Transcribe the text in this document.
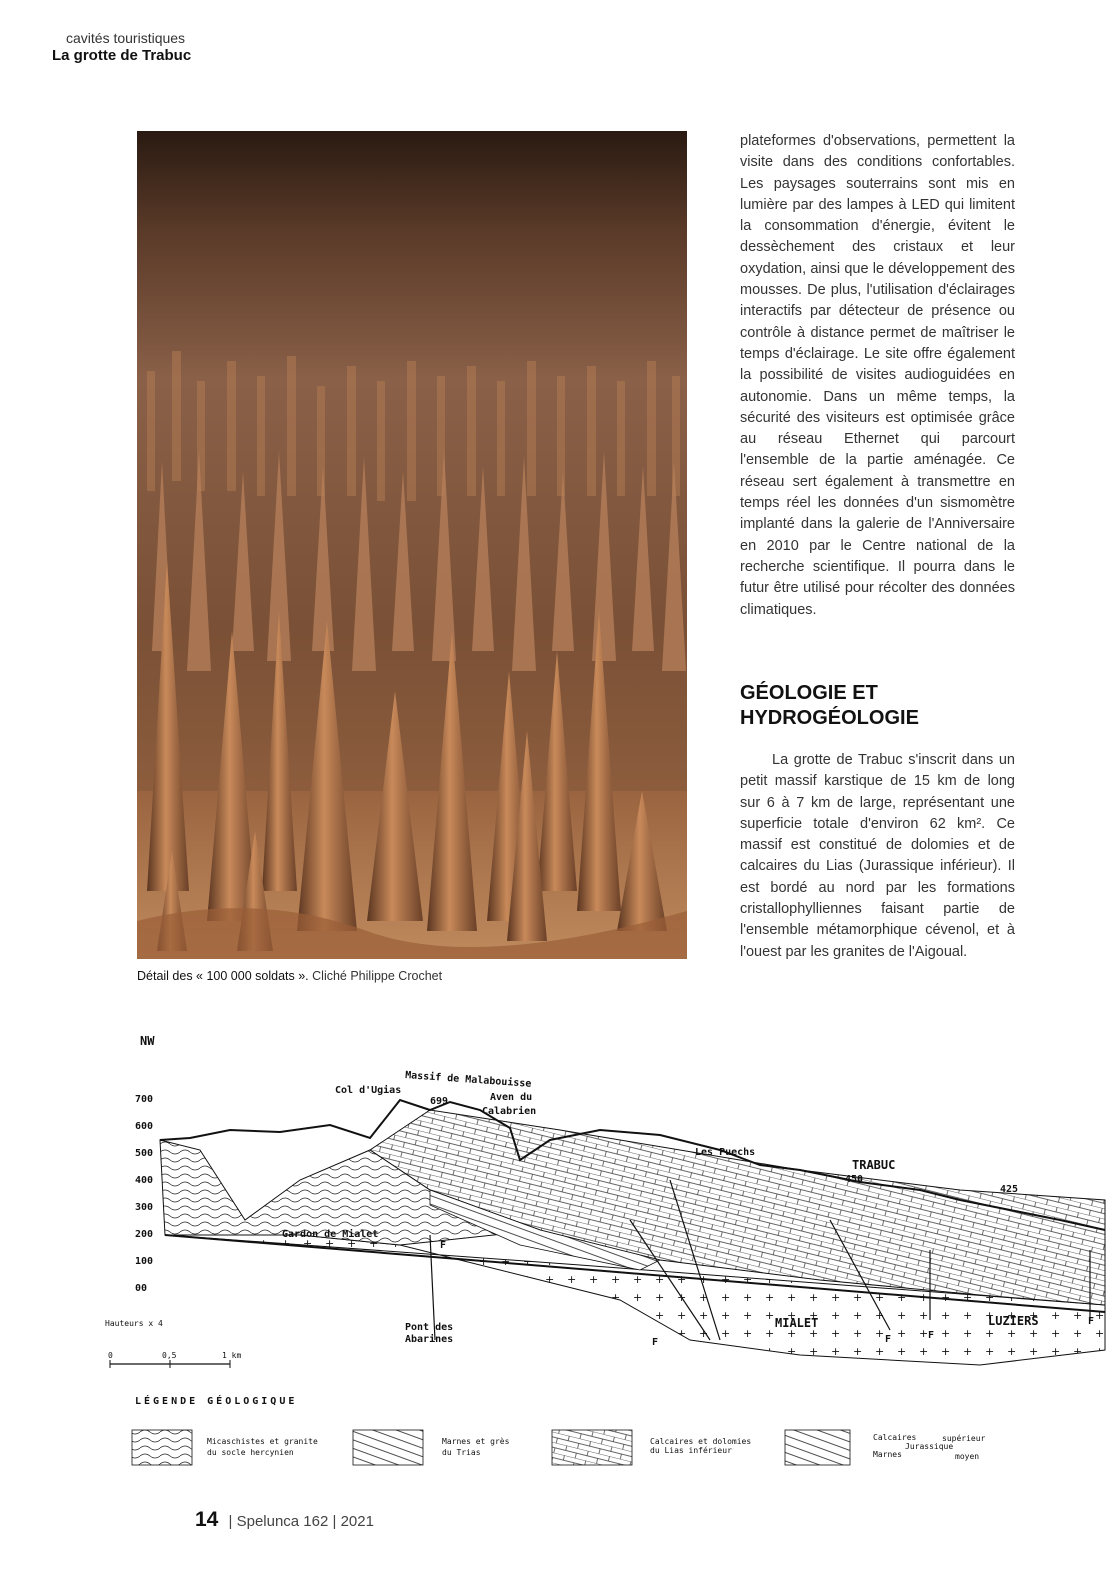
cavités touristiques
La grotte de Trabuc
Détail des « 100 000 soldats ». Cliché Philippe Crochet

plateformes d'observations, permettent la visite dans des conditions confortables. Les paysages souterrains sont mis en lumière par des lampes à LED qui limitent la consommation d'énergie, évitent le dessèchement des cristaux et leur oxydation, ainsi que le développement des mousses. De plus, l'utilisation d'éclairages interactifs par détecteur de présence ou contrôle à distance permet de maîtriser le temps d'éclairage. Le site offre également la possibilité de visites audioguidées en autonomie. Dans un même temps, la sécurité des visiteurs est optimisée grâce au réseau Ethernet qui parcourt l'ensemble de la partie aménagée. Ce réseau sert également à transmettre en temps réel les données d'un sismomètre implanté dans la galerie de l'Anniversaire en 2010 par le Centre national de la recherche scientifique. Il pourra dans le futur être utilisé pour récolter des données climatiques.

GÉOLOGIE ET
HYDROGÉOLOGIE

La grotte de Trabuc s'inscrit dans un petit massif karstique de 15 km de long sur 6 à 7 km de large, représentant une superficie totale d'environ 62 km². Ce massif est constitué de dolomies et de calcaires du Lias (Jurassique inférieur). Il est bordé au nord par les formations cristallophylliennes faisant partie de l'ensemble métamorphique cévenol, et à l'ouest par les granites de l'Aigoual.

NW
700
600
500
400
300
200
100
00
Massif de Malabouisse
Col d'Ugias
699	Aven du
Calabrien
Les Puechs
TRABUC
450
425
Gardon de Mialet
Pont des
Abarines
MIALET	LUZIERS
F
F	F	F
F
Hauteurs x 4
0	0,5	1 km
LÉGENDE GÉOLOGIQUE
Micaschistes et granite
du socle hercynien
Marnes et grès
du Trias
Calcaires et dolomies
du Lias inférieur
Calcaires	supérieur
Jurassique
Marnes	moyen
14 | Spelunca 162 | 2021
